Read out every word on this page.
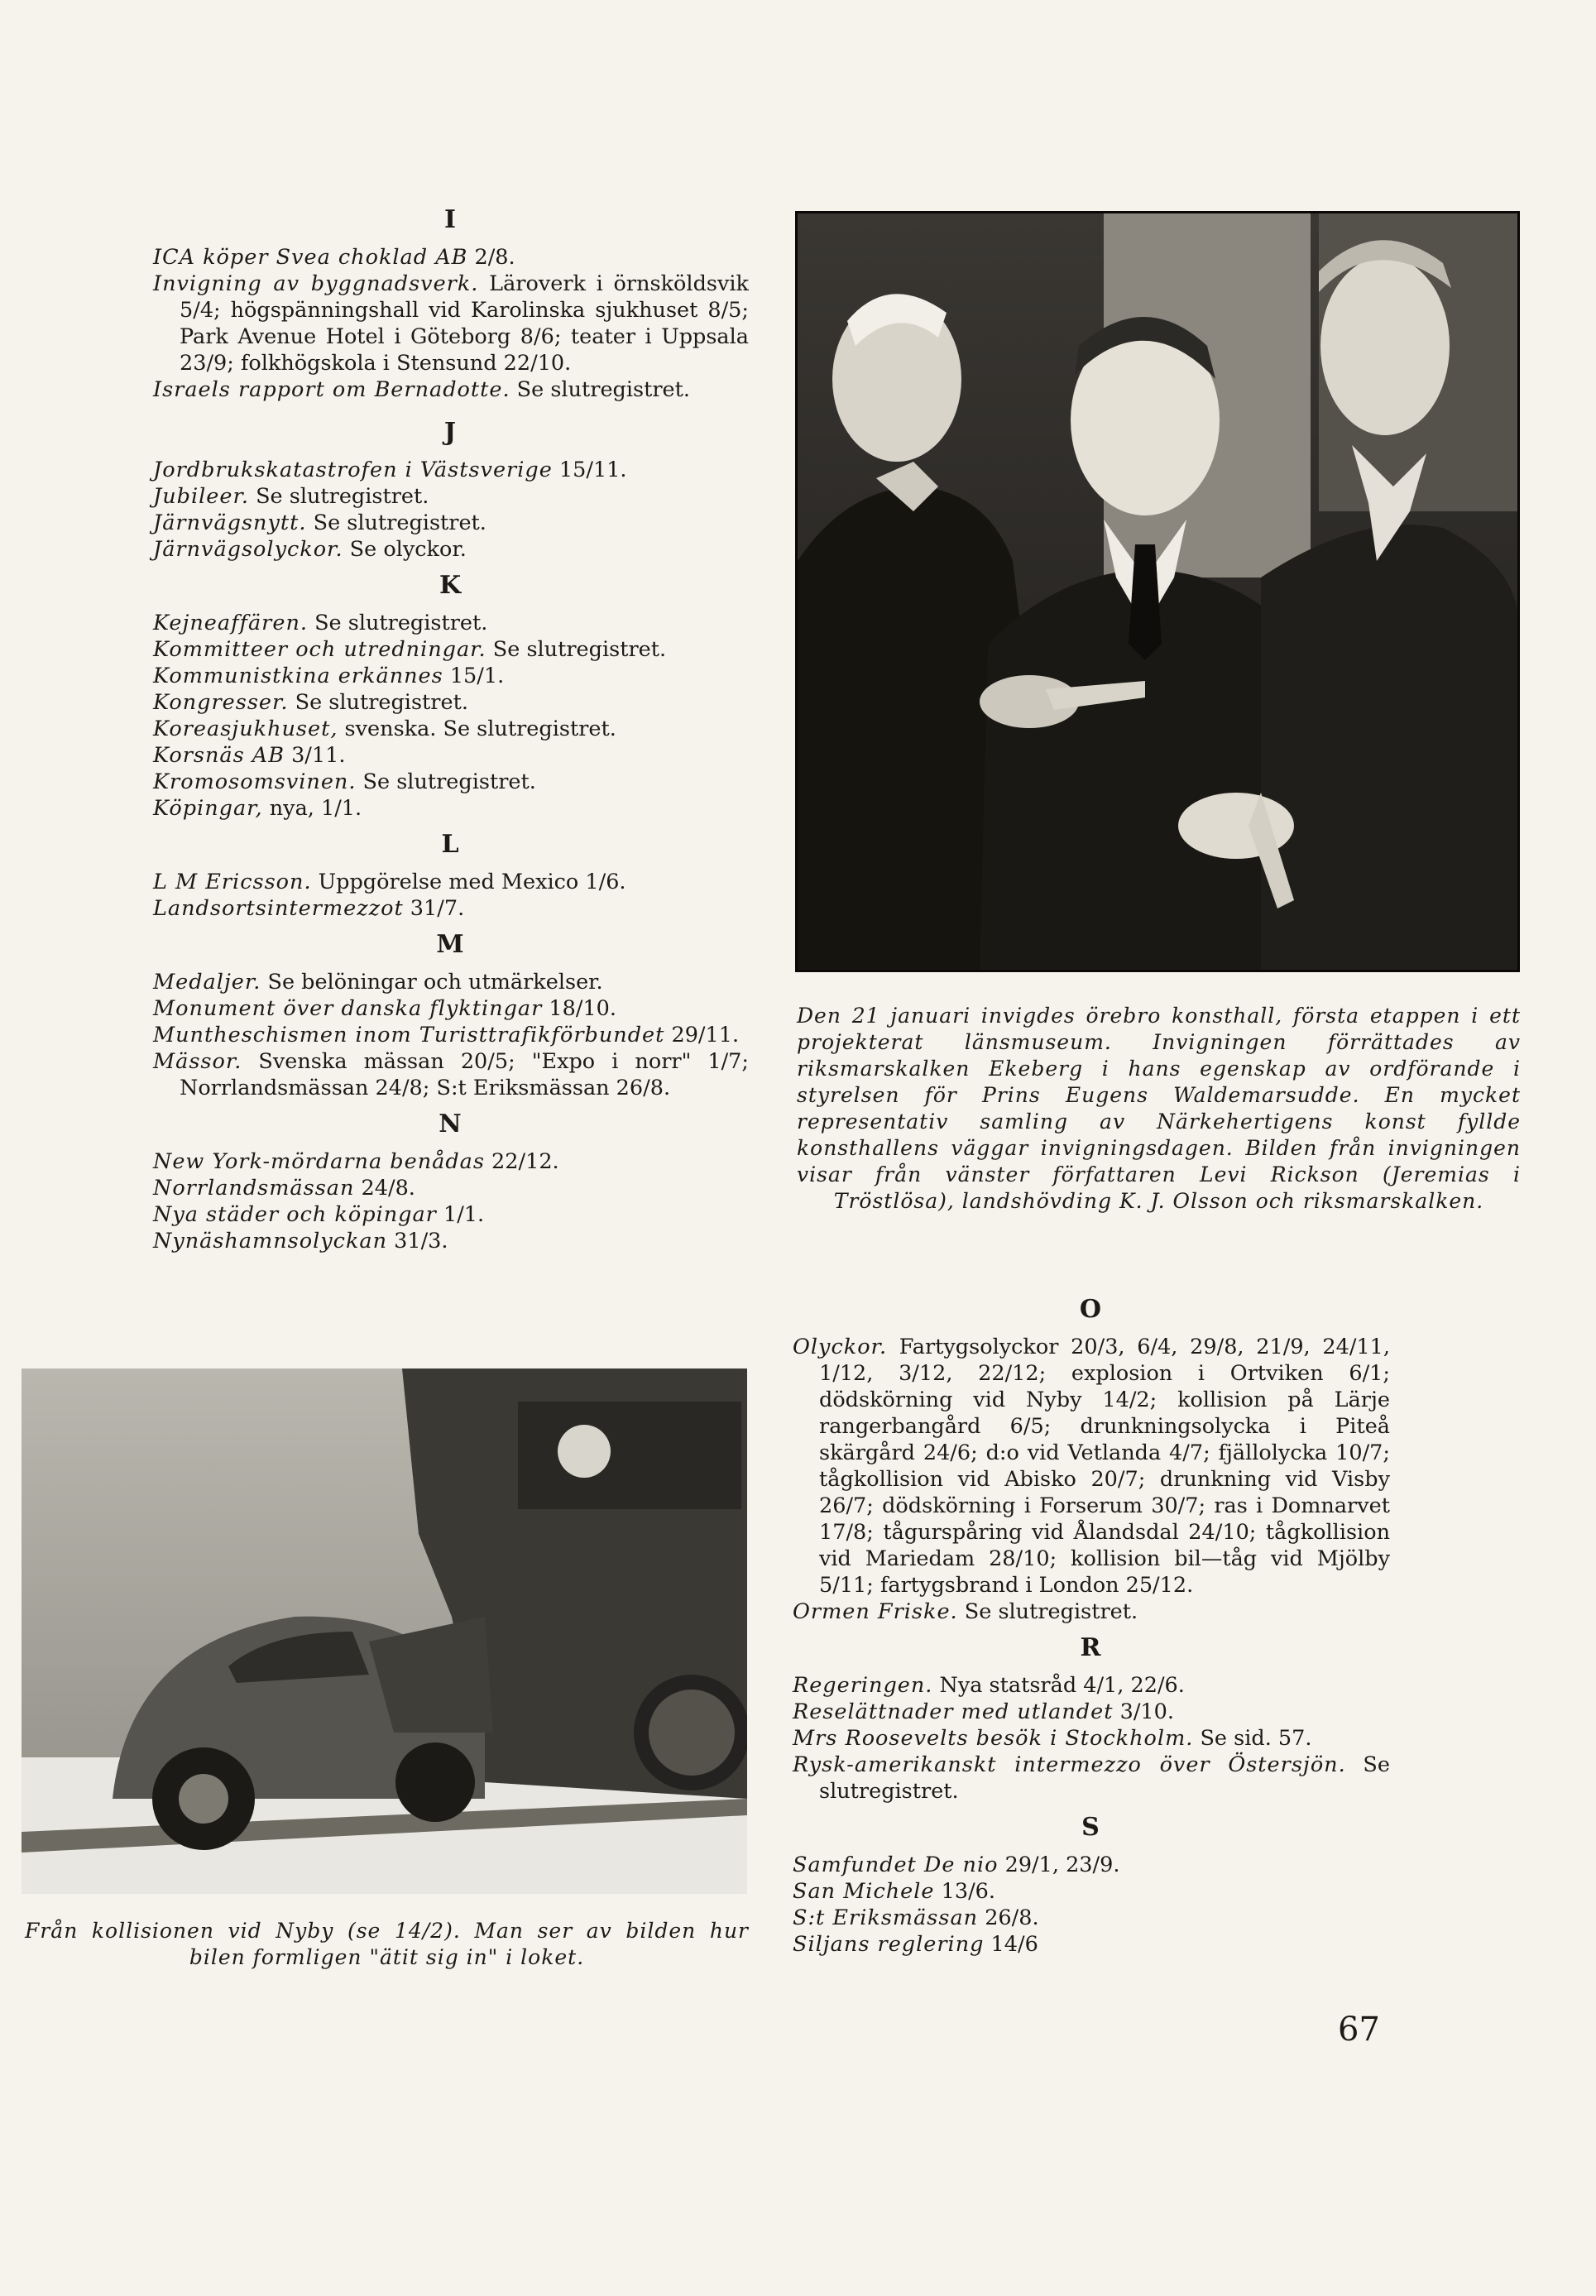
I
ICA köper Svea choklad AB 2/8.
Invigning av byggnadsverk. Läroverk i örnsköldsvik 5/4; högspänningshall vid Karolinska sjukhuset 8/5; Park Avenue Hotel i Göteborg 8/6; teater i Uppsala 23/9; folkhögskola i Stensund 22/10.
Israels rapport om Bernadotte. Se slutregistret.
J
Jordbrukskatastrofen i Västsverige 15/11.
Jubileer. Se slutregistret.
Järnvägsnytt. Se slutregistret.
Järnvägsolyckor. Se olyckor.
K
Kejneaffären. Se slutregistret.
Kommitteer och utredningar. Se slutregistret.
Kommunistkina erkännes 15/1.
Kongresser. Se slutregistret.
Koreasjukhuset, svenska. Se slutregistret.
Korsnäs AB 3/11.
Kromosomsvinen. Se slutregistret.
Köpingar, nya, 1/1.
L
L M Ericsson. Uppgörelse med Mexico 1/6.
Landsortsintermezzot 31/7.
M
Medaljer. Se belöningar och utmärkelser.
Monument över danska flyktingar 18/10.
Muntheschismen inom Turisttrafikförbundet 29/11.
Mässor. Svenska mässan 20/5; "Expo i norr" 1/7; Norrlandsmässan 24/8; S:t Eriksmässan 26/8.
N
New York-mördarna benådas 22/12.
Norrlandsmässan 24/8.
Nya städer och köpingar 1/1.
Nynäshamnsolyckan 31/3.
Den 21 januari invigdes örebro konsthall, första etappen i ett projekterat länsmuseum. Invigningen förrättades av riksmarskalken Ekeberg i hans egenskap av ordförande i styrelsen för Prins Eugens Waldemarsudde. En mycket representativ samling av Närkehertigens konst fyllde konsthallens väggar invigningsdagen. Bilden från invigningen visar från vänster författaren Levi Rickson (Jeremias i Tröstlösa), landshövding K. J. Olsson och riksmarskalken.
Från kollisionen vid Nyby (se 14/2). Man ser av bilden hur bilen formligen "ätit sig in" i loket.
O
Olyckor. Fartygsolyckor 20/3, 6/4, 29/8, 21/9, 24/11, 1/12, 3/12, 22/12; explosion i Ortviken 6/1; dödskörning vid Nyby 14/2; kollision på Lärje rangerbangård 6/5; drunkningsolycka i Piteå skärgård 24/6; d:o vid Vetlanda 4/7; fjällolycka 10/7; tågkollision vid Abisko 20/7; drunkning vid Visby 26/7; dödskörning i Forserum 30/7; ras i Domnarvet 17/8; tågurspåring vid Ålandsdal 24/10; tågkollision vid Mariedam 28/10; kollision bil—tåg vid Mjölby 5/11; fartygsbrand i London 25/12.
Ormen Friske. Se slutregistret.
R
Regeringen. Nya statsråd 4/1, 22/6.
Reselättnader med utlandet 3/10.
Mrs Roosevelts besök i Stockholm. Se sid. 57.
Rysk-amerikanskt intermezzo över Östersjön. Se slutregistret.
S
Samfundet De nio 29/1, 23/9.
San Michele 13/6.
S:t Eriksmässan 26/8.
Siljans reglering 14/6
67
